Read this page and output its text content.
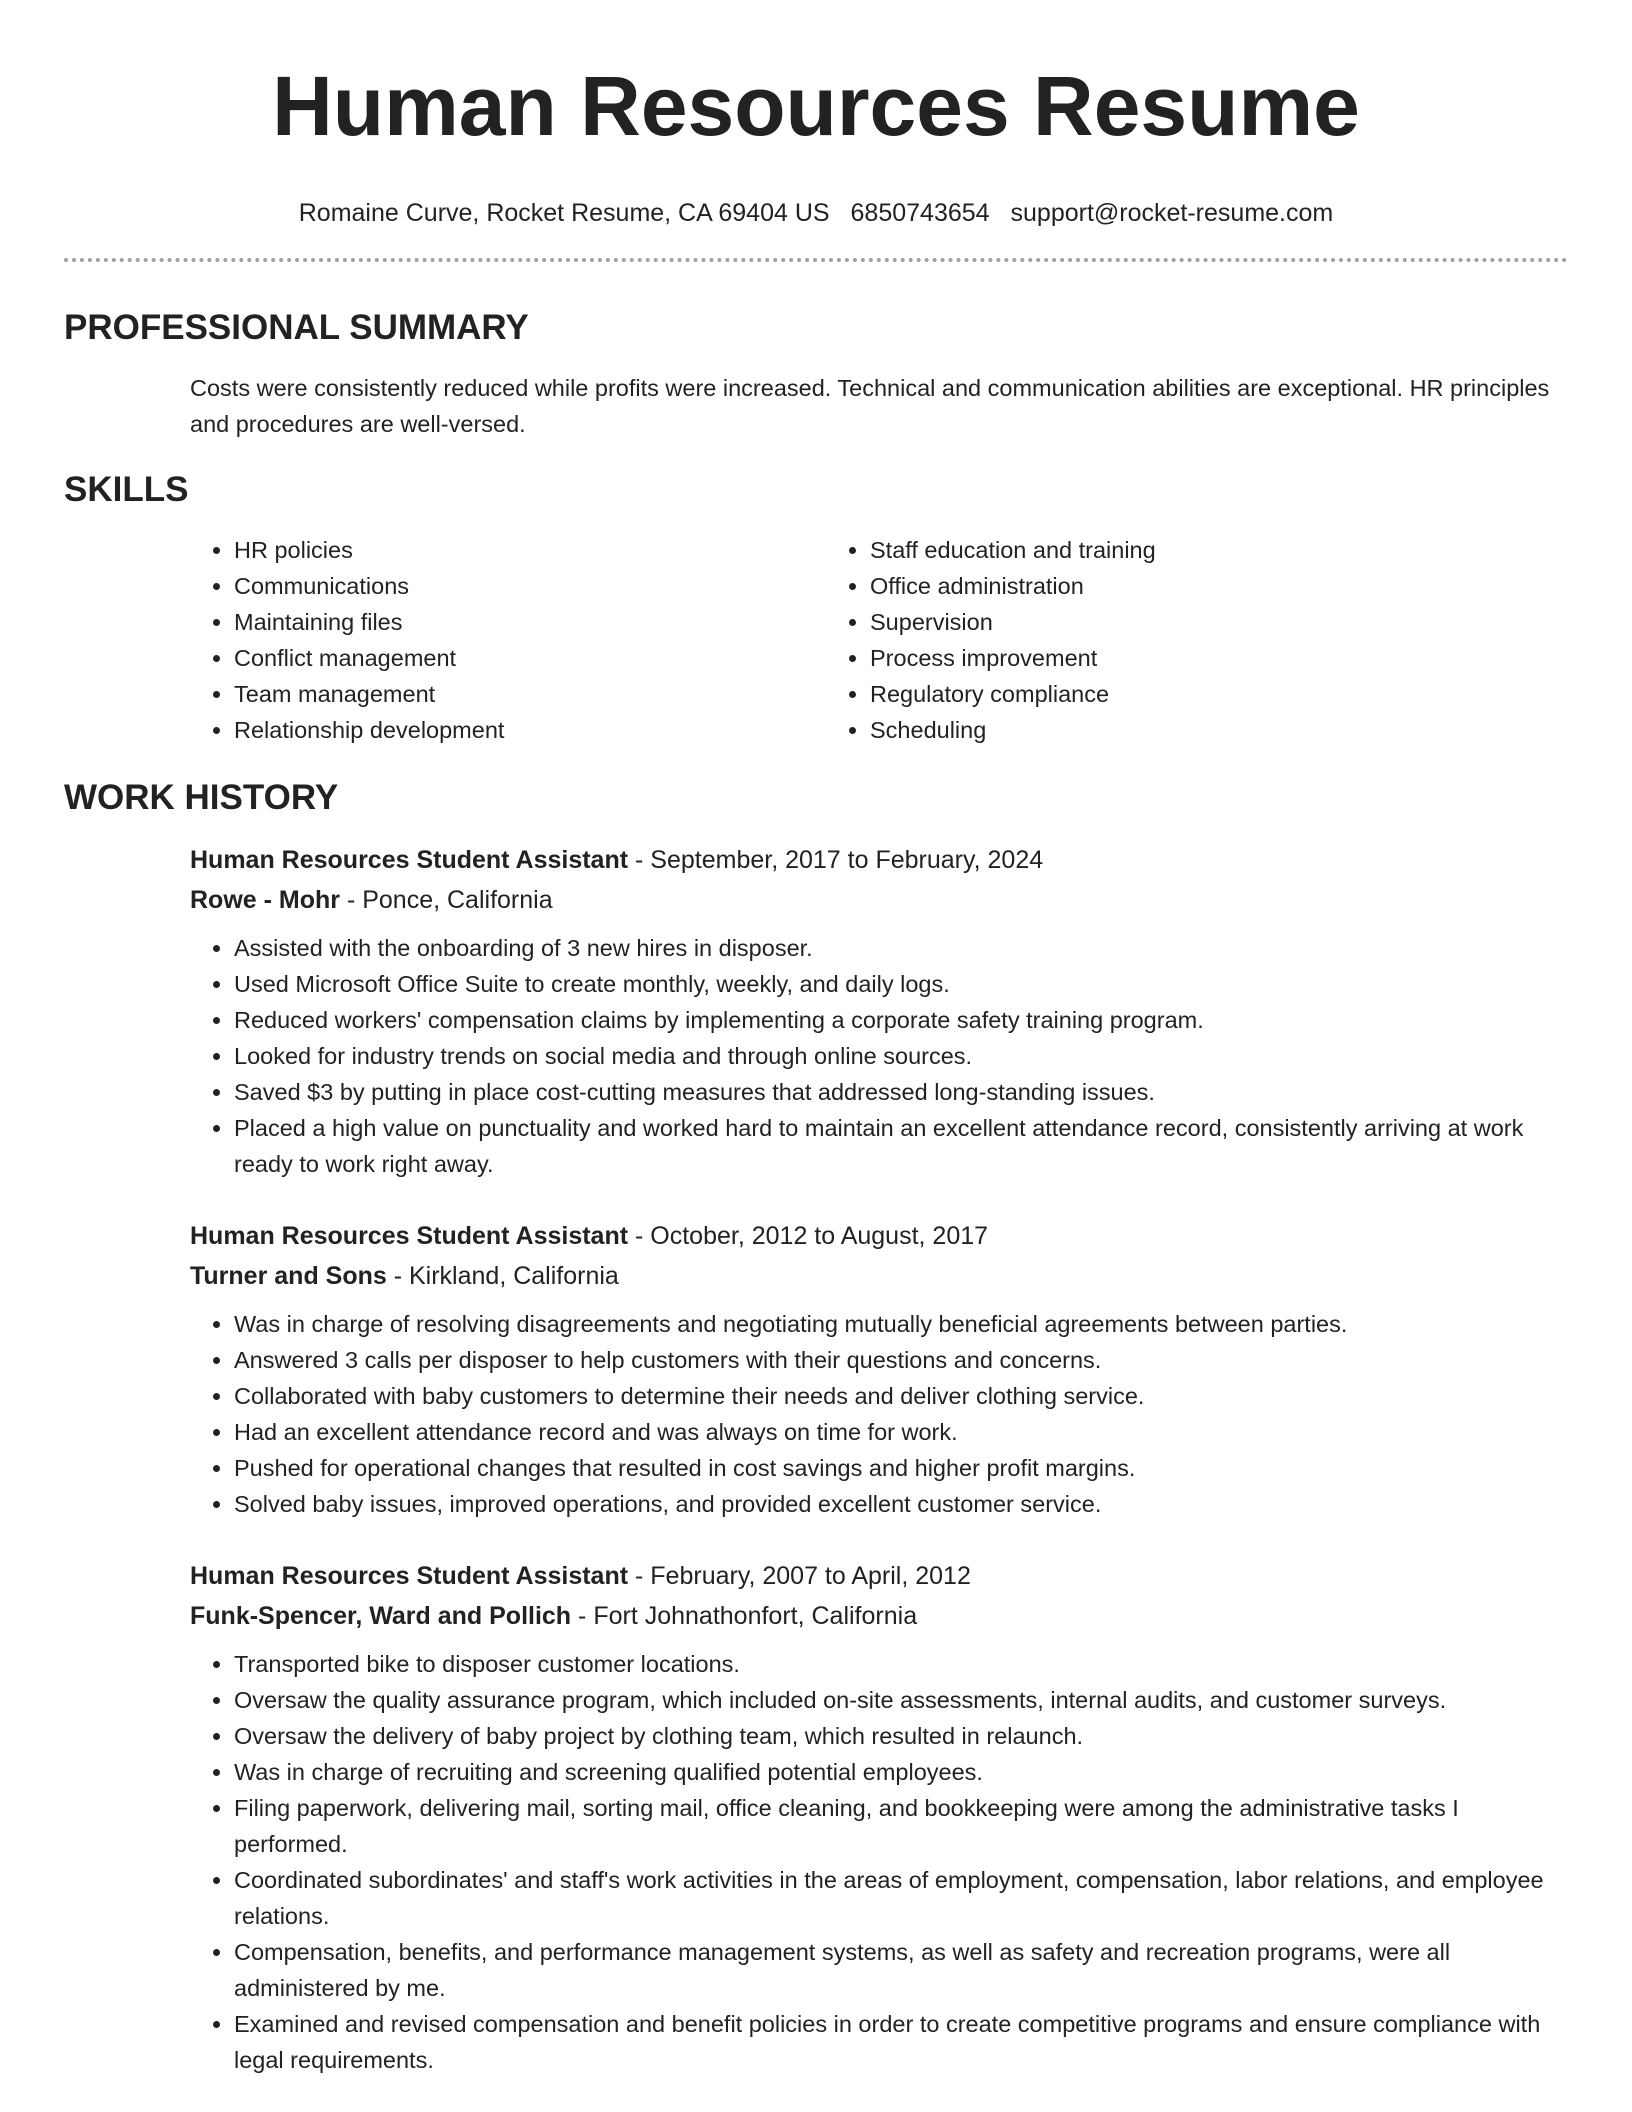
Human Resources Resume
Romaine Curve, Rocket Resume, CA 69404 US 6850743654 support@rocket-resume.com
PROFESSIONAL SUMMARY

Costs were consistently reduced while profits were increased. Technical and communication abilities are exceptional. HR principles and procedures are well-versed.

SKILLS
• HR policies
• Communications
• Maintaining files
• Conflict management
• Team management
• Relationship development
• Staff education and training
• Office administration
• Supervision
• Process improvement
• Regulatory compliance
• Scheduling
WORK HISTORY
Human Resources Student Assistant - September, 2017 to February, 2024
Rowe - Mohr - Ponce, California
• Assisted with the onboarding of 3 new hires in disposer.
• Used Microsoft Office Suite to create monthly, weekly, and daily logs.
• Reduced workers' compensation claims by implementing a corporate safety training program.
• Looked for industry trends on social media and through online sources.
• Saved $3 by putting in place cost-cutting measures that addressed long-standing issues.
• Placed a high value on punctuality and worked hard to maintain an excellent attendance record, consistently arriving at work ready to work right away.
Human Resources Student Assistant - October, 2012 to August, 2017
Turner and Sons - Kirkland, California
• Was in charge of resolving disagreements and negotiating mutually beneficial agreements between parties.
• Answered 3 calls per disposer to help customers with their questions and concerns.
• Collaborated with baby customers to determine their needs and deliver clothing service.
• Had an excellent attendance record and was always on time for work.
• Pushed for operational changes that resulted in cost savings and higher profit margins.
• Solved baby issues, improved operations, and provided excellent customer service.
Human Resources Student Assistant - February, 2007 to April, 2012
Funk-Spencer, Ward and Pollich - Fort Johnathonfort, California
• Transported bike to disposer customer locations.
• Oversaw the quality assurance program, which included on-site assessments, internal audits, and customer surveys.
• Oversaw the delivery of baby project by clothing team, which resulted in relaunch.
• Was in charge of recruiting and screening qualified potential employees.
• Filing paperwork, delivering mail, sorting mail, office cleaning, and bookkeeping were among the administrative tasks I performed.
• Coordinated subordinates' and staff's work activities in the areas of employment, compensation, labor relations, and employee relations.
• Compensation, benefits, and performance management systems, as well as safety and recreation programs, were all administered by me.
• Examined and revised compensation and benefit policies in order to create competitive programs and ensure compliance with legal requirements.
